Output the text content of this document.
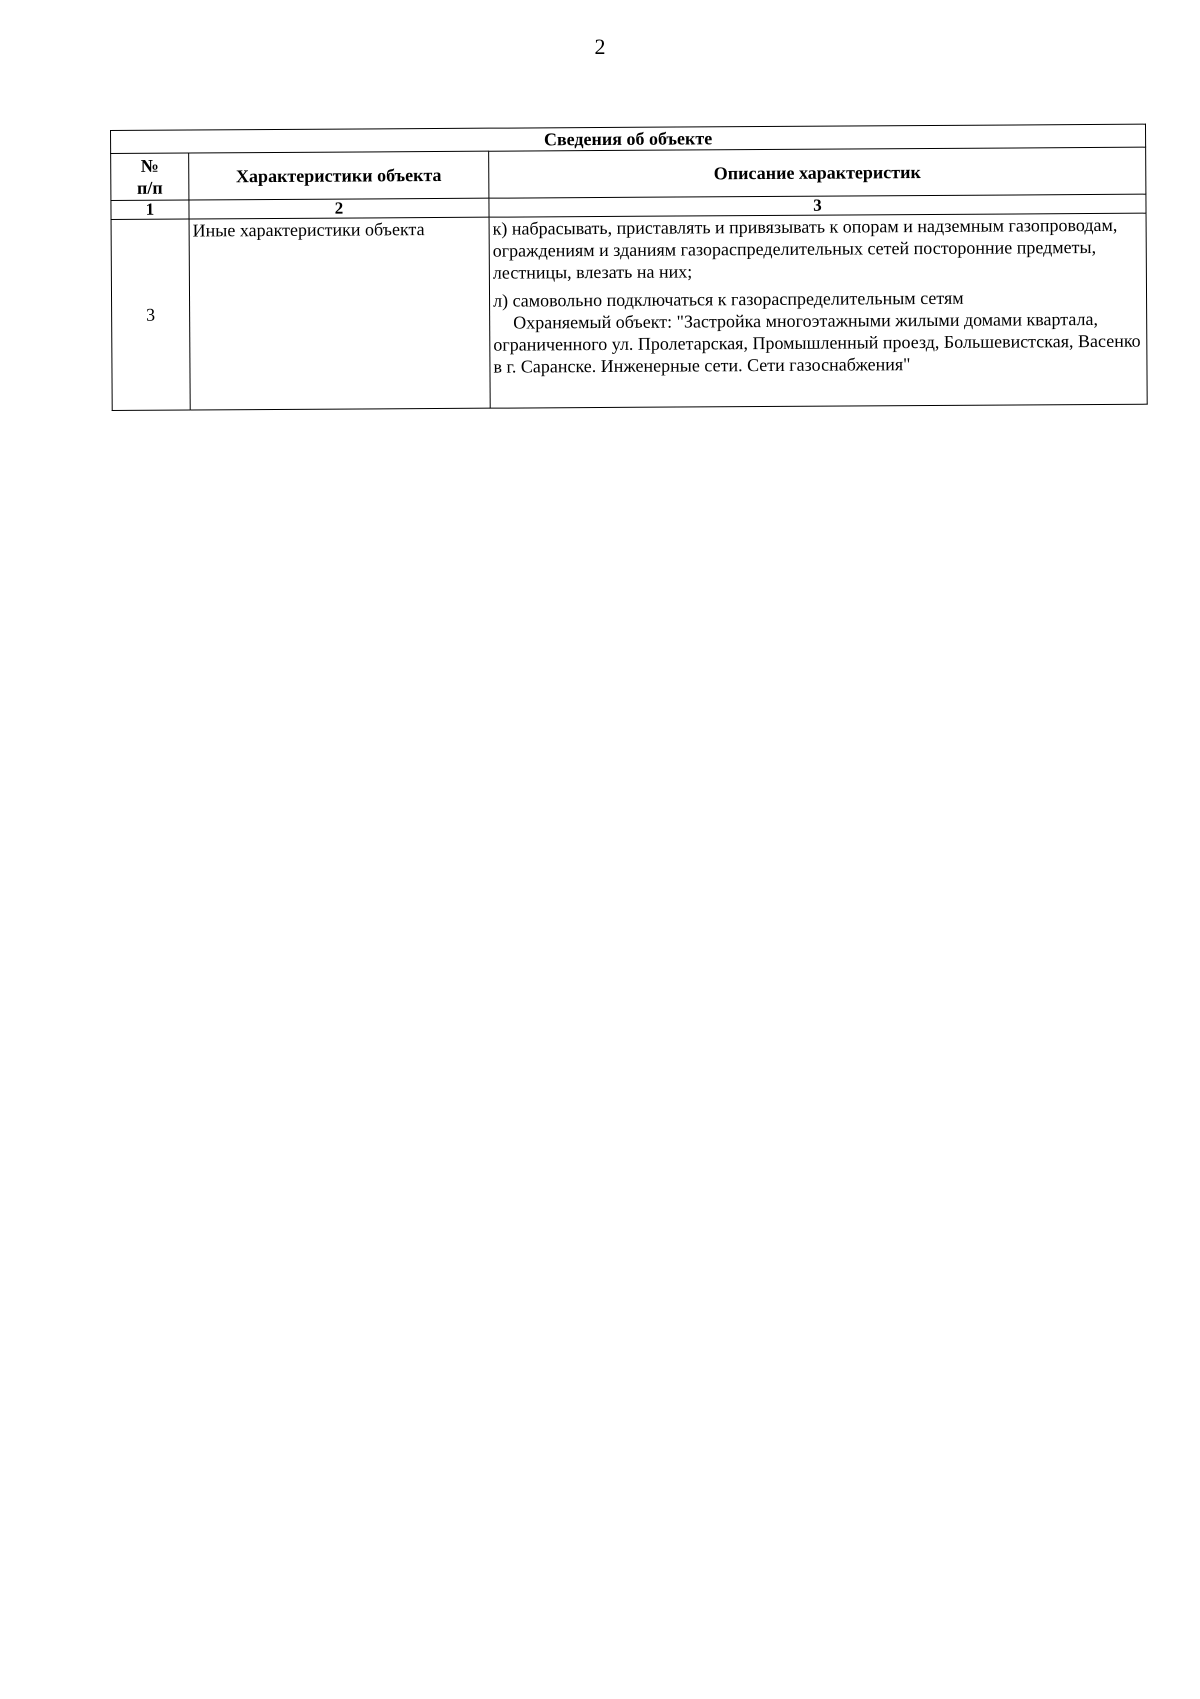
2
Сведения об объекте		
№
п/п	Характеристики объекта	Описание характеристик
1	2	3
3	Иные характеристики объекта	к) набрасывать, приставлять и привязывать к опорам и надземным газопроводам, ограждениям и зданиям газораспределительных сетей посторонние предметы, лестницы, влезать на них;

л) самовольно подключаться к газораспределительным сетям

Охраняемый объект: "Застройка многоэтажными жилыми домами квартала, ограниченного ул. Пролетарская, Промышленный проезд, Большевистская, Васенко в г. Саранске. Инженерные сети. Сети газоснабжения"
